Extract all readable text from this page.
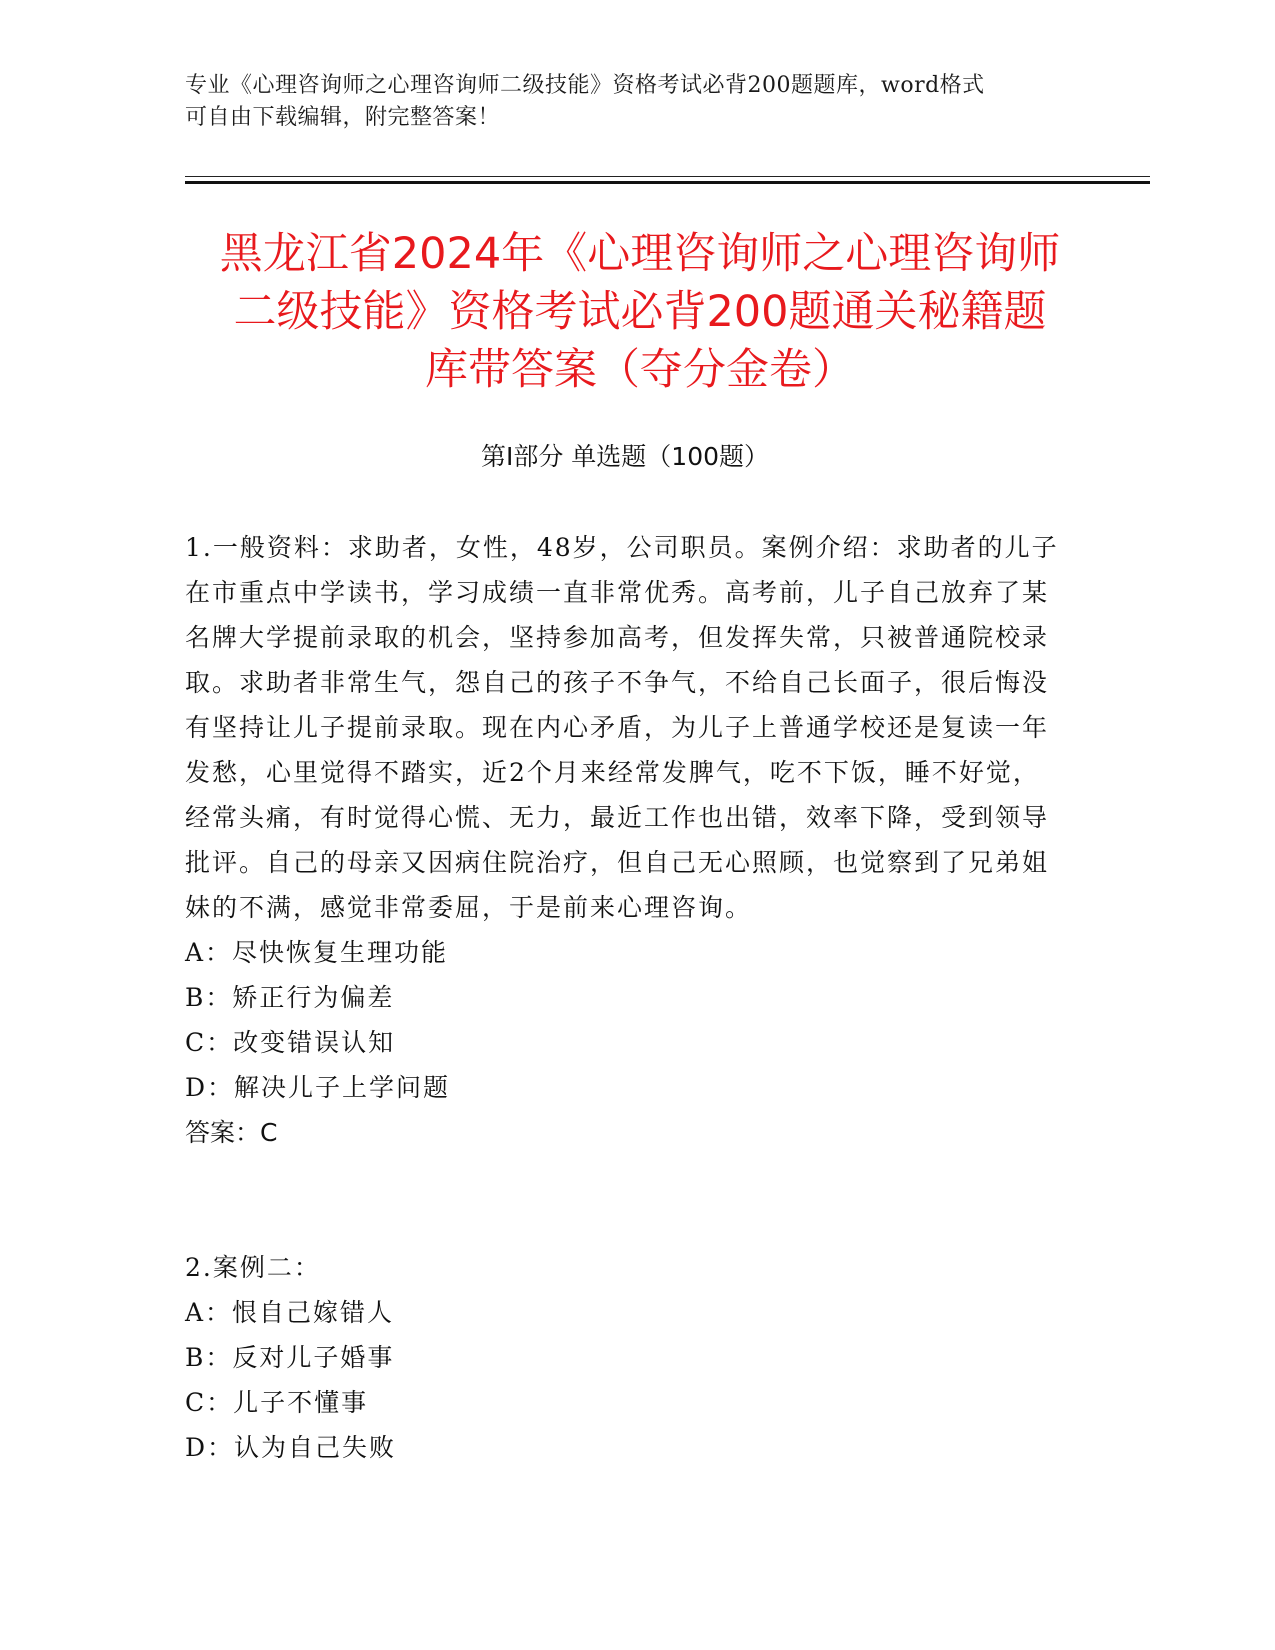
专业《心理咨询师之心理咨询师二级技能》资格考试必背200题题库，word格式
可自由下载编辑，附完整答案！
黑龙江省2024年《心理咨询师之心理咨询师
二级技能》资格考试必背200题通关秘籍题
库带答案（夺分金卷）
第Ⅰ部分 单选题（100题）

1.一般资料：求助者，女性，48岁，公司职员。案例介绍：求助者的儿子在市重点中学读书，学习成绩一直非常优秀。高考前，儿子自己放弃了某名牌大学提前录取的机会，坚持参加高考，但发挥失常，只被普通院校录取。求助者非常生气，怨自己的孩子不争气，不给自己长面子，很后悔没有坚持让儿子提前录取。现在内心矛盾，为儿子上普通学校还是复读一年发愁，心里觉得不踏实，近2个月来经常发脾气，吃不下饭，睡不好觉，经常头痛，有时觉得心慌、无力，最近工作也出错，效率下降，受到领导批评。自己的母亲又因病住院治疗，但自己无心照顾，也觉察到了兄弟姐妹的不满，感觉非常委屈，于是前来心理咨询。

A：尽快恢复生理功能

B：矫正行为偏差

C：改变错误认知

D：解决儿子上学问题

答案：C

2.案例二：

A：恨自己嫁错人

B：反对儿子婚事

C：儿子不懂事

D：认为自己失败
